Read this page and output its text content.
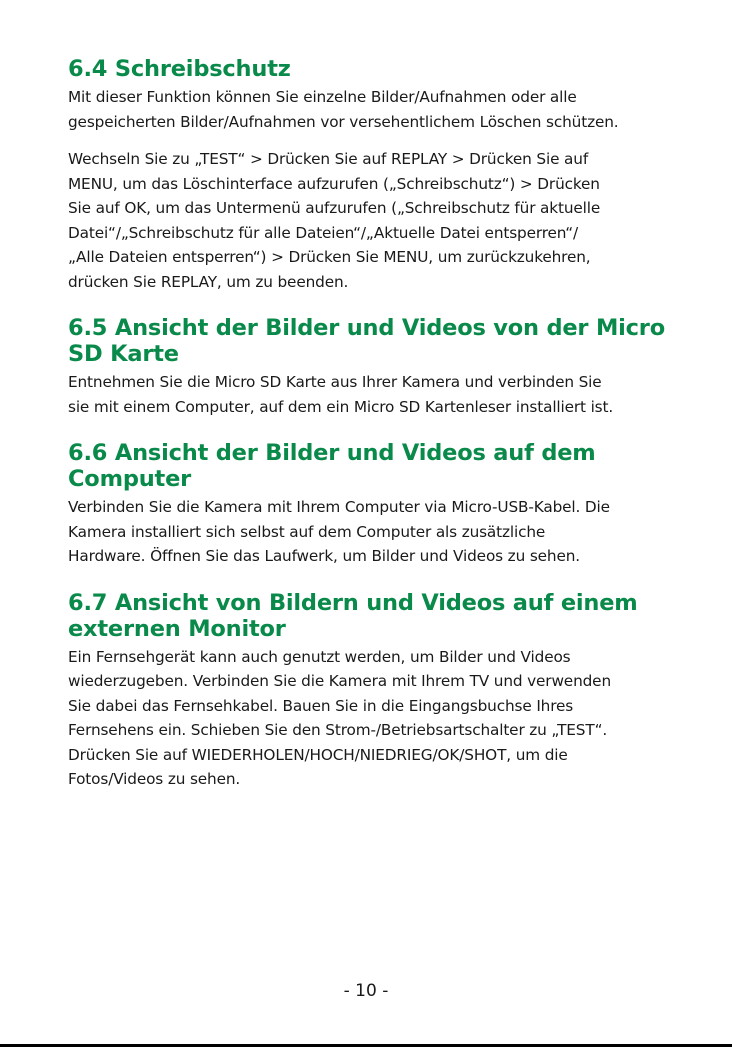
6.4 Schreibschutz

Mit dieser Funktion können Sie einzelne Bilder/Aufnahmen oder alle
gespeicherten Bilder/Aufnahmen vor versehentlichem Löschen schützen.

Wechseln Sie zu „TEST“ > Drücken Sie auf REPLAY > Drücken Sie auf
MENU, um das Löschinterface aufzurufen („Schreibschutz“) > Drücken
Sie auf OK, um das Untermenü aufzurufen („Schreibschutz für aktuelle
Datei“/„Schreibschutz für alle Dateien“/„Aktuelle Datei entsperren“/
„Alle Dateien entsperren“) > Drücken Sie MENU, um zurückzukehren,
drücken Sie REPLAY, um zu beenden.

6.5 Ansicht der Bilder und Videos von der Micro
SD Karte

Entnehmen Sie die Micro SD Karte aus Ihrer Kamera und verbinden Sie
sie mit einem Computer, auf dem ein Micro SD Kartenleser installiert ist.

6.6 Ansicht der Bilder und Videos auf dem
Computer

Verbinden Sie die Kamera mit Ihrem Computer via Micro-USB-Kabel. Die
Kamera installiert sich selbst auf dem Computer als zusätzliche
Hardware. Öffnen Sie das Laufwerk, um Bilder und Videos zu sehen.

6.7 Ansicht von Bildern und Videos auf einem
externen Monitor

Ein Fernsehgerät kann auch genutzt werden, um Bilder und Videos
wiederzugeben. Verbinden Sie die Kamera mit Ihrem TV und verwenden
Sie dabei das Fernsehkabel. Bauen Sie in die Eingangsbuchse Ihres
Fernsehens ein. Schieben Sie den Strom-/Betriebsartschalter zu „TEST“.
Drücken Sie auf WIEDERHOLEN/HOCH/NIEDRIEG/OK/SHOT, um die
Fotos/Videos zu sehen.

- 10 -
